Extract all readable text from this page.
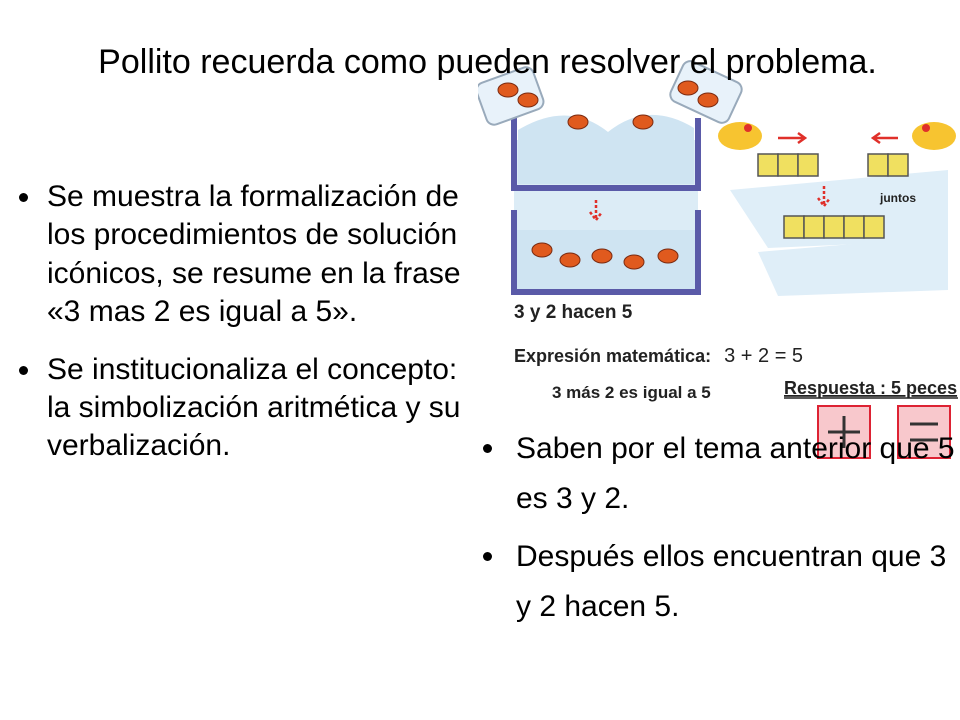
Pollito recuerda como pueden resolver el problema.
Se muestra la formalización de los procedimientos de solución icónicos, se resume en la frase «3 mas 2 es igual a 5».
Se institucionaliza el concepto: la simbolización aritmética y su verbalización.
juntos
3 y 2 hacen 5
Expresión matemática: 3 + 2 = 5
3 más 2 es igual a 5	Respuesta : 5 peces
Saben por el tema anterior que 5 es 3 y 2.
Después ellos encuentran que 3 y 2 hacen 5.
